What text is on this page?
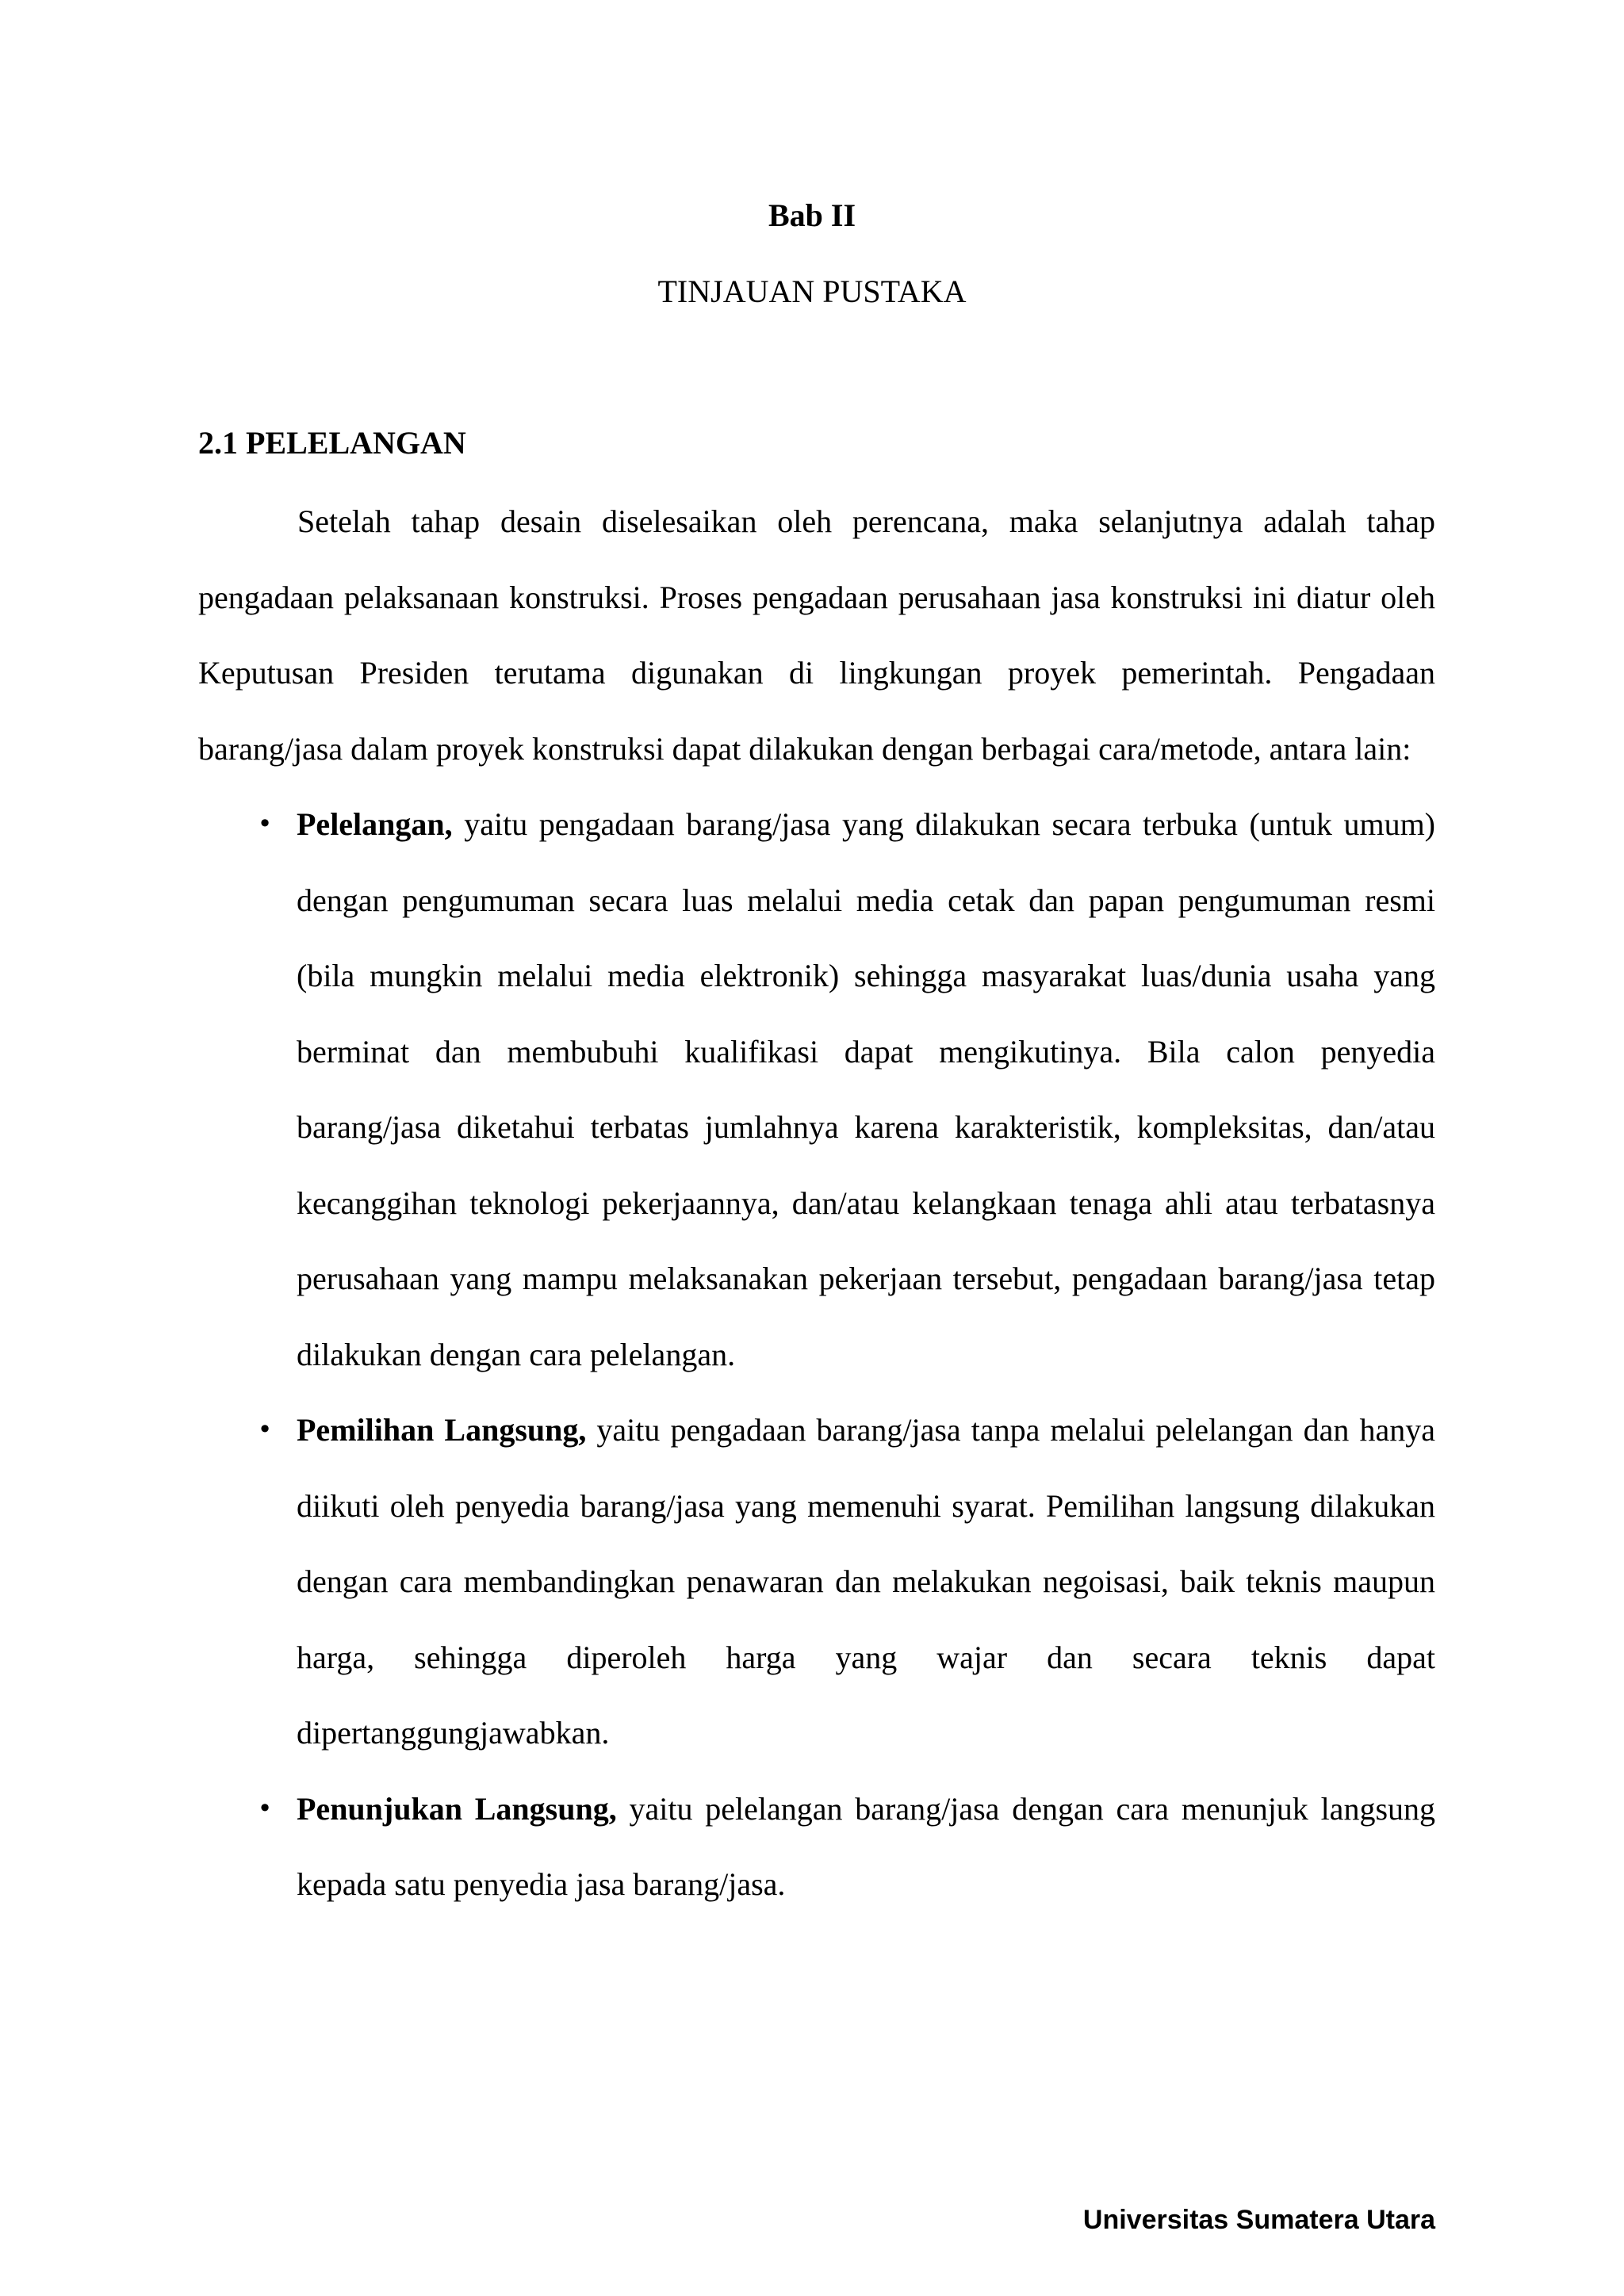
Bab II
TINJAUAN PUSTAKA
2.1 PELELANGAN

Setelah tahap desain diselesaikan oleh perencana, maka selanjutnya adalah tahap pengadaan pelaksanaan konstruksi. Proses pengadaan perusahaan jasa konstruksi ini diatur oleh Keputusan Presiden terutama digunakan di lingkungan proyek pemerintah. Pengadaan barang/jasa dalam proyek konstruksi dapat dilakukan dengan berbagai cara/metode, antara lain:

• Pelelangan, yaitu pengadaan barang/jasa yang dilakukan secara terbuka (untuk umum) dengan pengumuman secara luas melalui media cetak dan papan pengumuman resmi (bila mungkin melalui media elektronik) sehingga masyarakat luas/dunia usaha yang berminat dan membubuhi kualifikasi dapat mengikutinya. Bila calon penyedia barang/jasa diketahui terbatas jumlahnya karena karakteristik, kompleksitas, dan/atau kecanggihan teknologi pekerjaannya, dan/atau kelangkaan tenaga ahli atau terbatasnya perusahaan yang mampu melaksanakan pekerjaan tersebut, pengadaan barang/jasa tetap dilakukan dengan cara pelelangan.
• Pemilihan Langsung, yaitu pengadaan barang/jasa tanpa melalui pelelangan dan hanya diikuti oleh penyedia barang/jasa yang memenuhi syarat. Pemilihan langsung dilakukan dengan cara membandingkan penawaran dan melakukan negoisasi, baik teknis maupun harga, sehingga diperoleh harga yang wajar dan secara teknis dapat dipertanggungjawabkan.
• Penunjukan Langsung, yaitu pelelangan barang/jasa dengan cara menunjuk langsung kepada satu penyedia jasa barang/jasa.
Universitas Sumatera Utara
